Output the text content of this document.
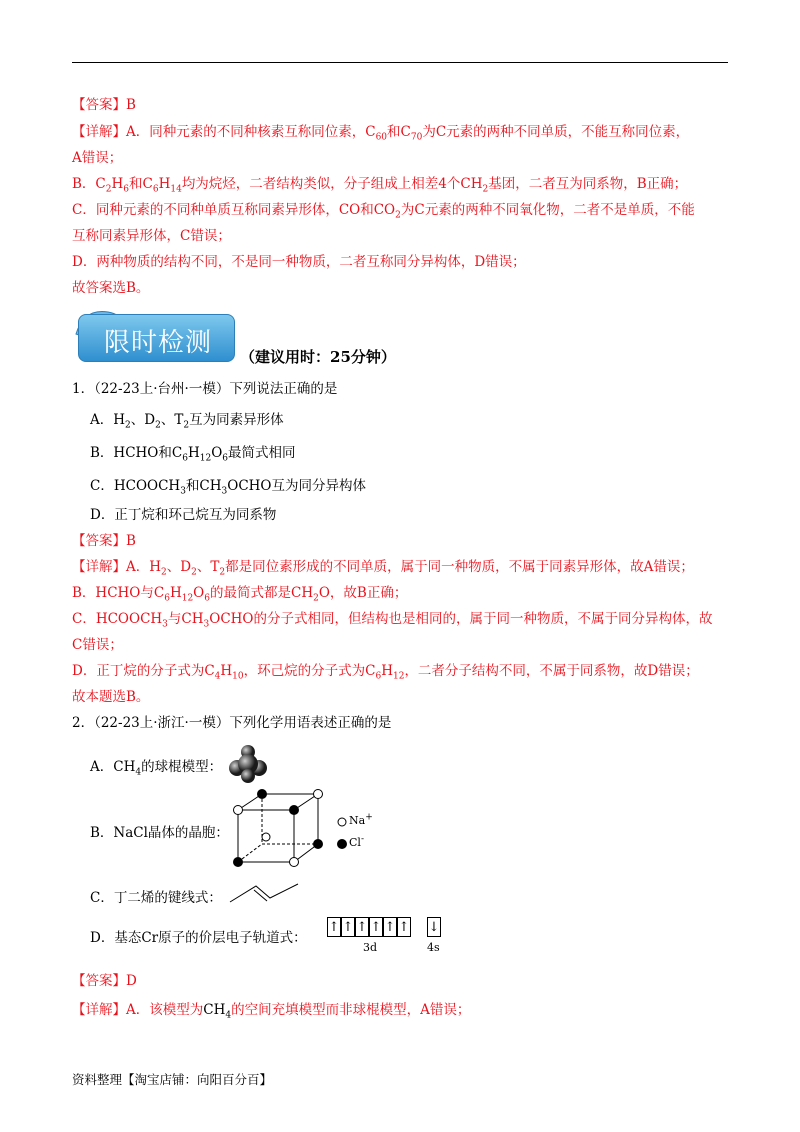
【答案】B
【详解】A．同种元素的不同种核素互称同位素，$C_{60}$和$C_{70}$为C元素的两种不同单质，不能互称同位素，
A错误；
B．$C_2H_6$和$C_6H_{14}$均为烷烃，二者结构类似，分子组成上相差4个$CH_2$基团，二者互为同系物，B正确；
C．同种元素的不同种单质互称同素异形体，CO和$CO_2$为C元素的两种不同氧化物，二者不是单质，不能
互称同素异形体，C错误；
D．两种物质的结构不同，不是同一种物质，二者互称同分异构体，D错误；
故答案选B。
限时检测 （建议用时：25分钟）
1．（22-23上·台州·一模）下列说法正确的是
A．$H_2$、$D_2$、$T_2$互为同素异形体
B．HCHO和$C_6H_{12}O_6$最简式相同
C．$HCOOCH_3$和$CH_3OCHO$互为同分异构体
D．正丁烷和环己烷互为同系物
【答案】B
【详解】A．$H_2$、$D_2$、$T_2$都是同位素形成的不同单质，属于同一种物质，不属于同素异形体，故A错误；
B．HCHO与$C_6H_{12}O_6$的最简式都是$CH_2O$，故B正确；
C．$HCOOCH_3$与$CH_3OCHO$的分子式相同，但结构也是相同的，属于同一种物质，不属于同分异构体，故
C错误；
D．正丁烷的分子式为$C_4H_{10}$，环己烷的分子式为$C_6H_{12}$，二者分子结构不同，不属于同系物，故D错误；
故本题选B。
2．（22-23上·浙江·一模）下列化学用语表述正确的是
A．$CH_4$的球棍模型：
B．NaCl晶体的晶胞：
Na+
Cl-
C．丁二烯的键线式：
D．基态Cr原子的价层电子轨道式：
↑ ↑ ↑ ↑ ↑ ↑ ↓
3d	4s
【答案】D
【详解】A．该模型为$CH_4$的空间充填模型而非球棍模型，A错误；
资料整理【淘宝店铺：向阳百分百】
